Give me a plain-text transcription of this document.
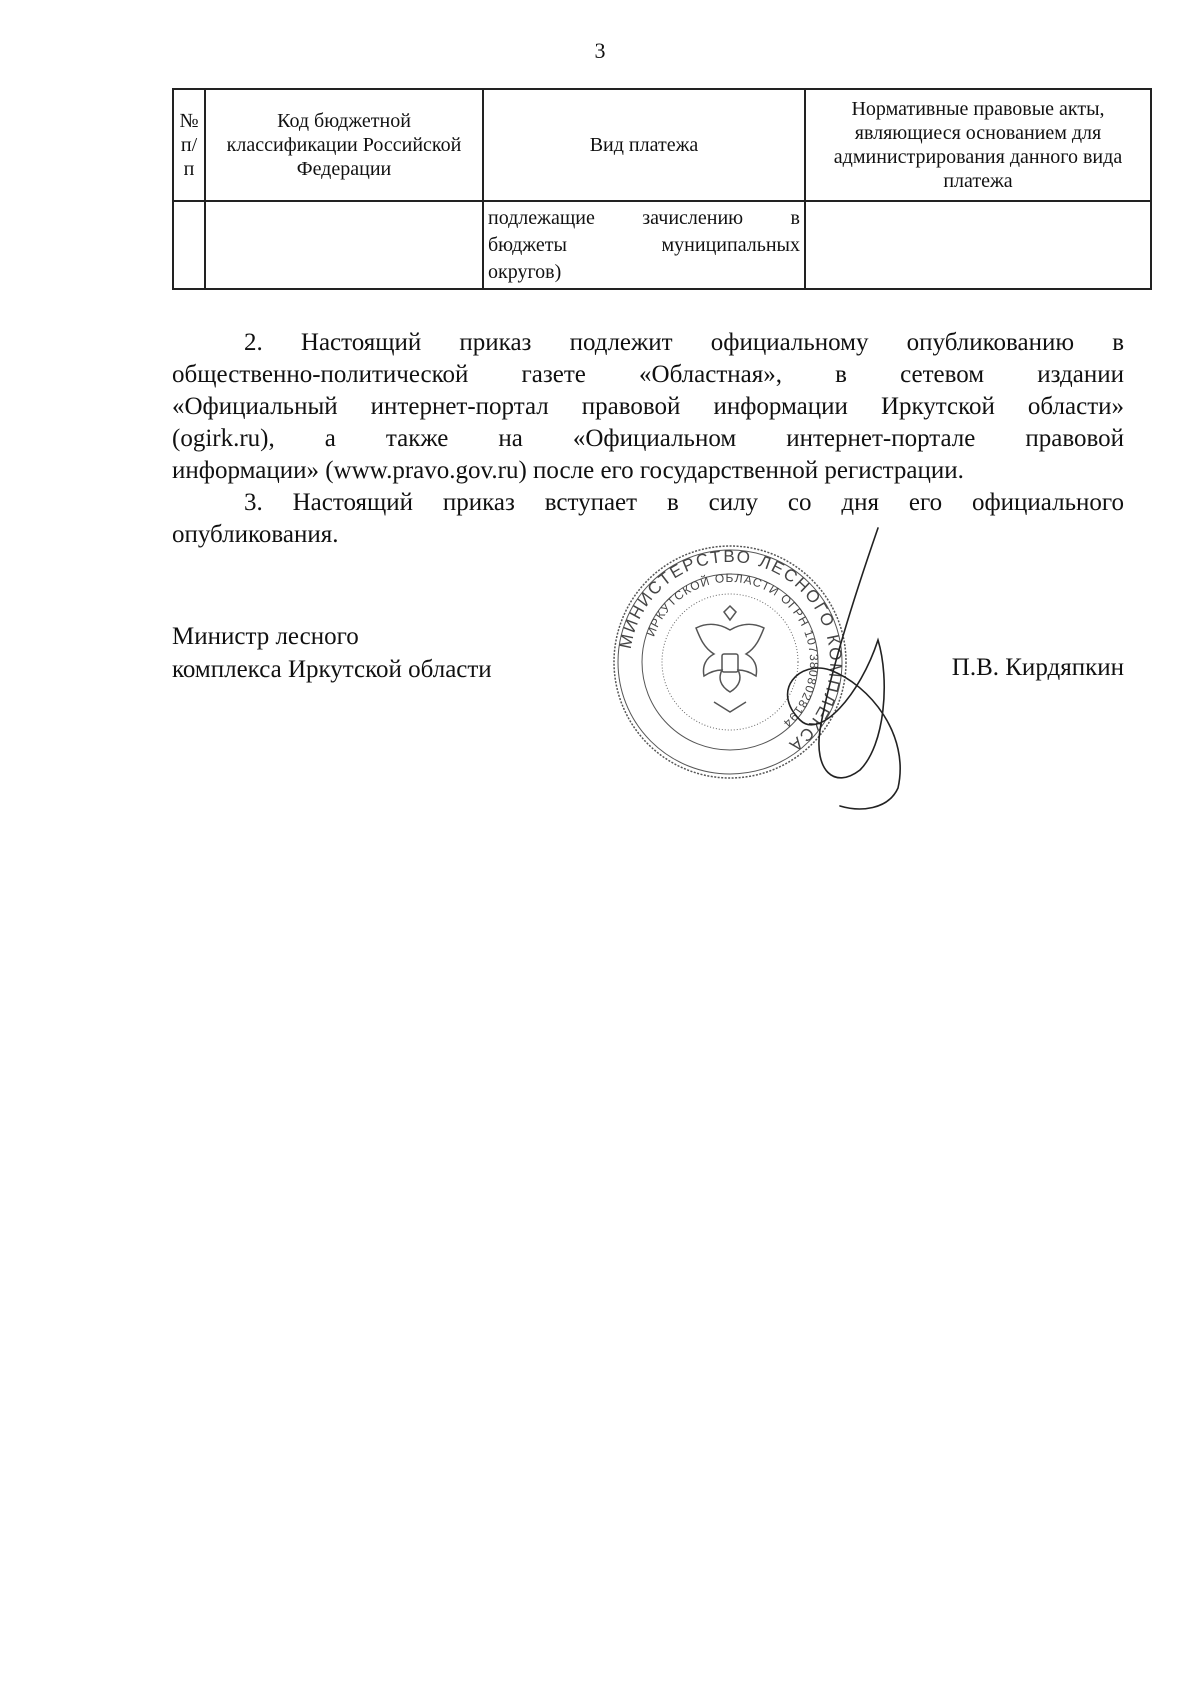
3
№ п/п	Код бюджетной классификации Российской Федерации	Вид платежа	Нормативные правовые акты, являющиеся основанием для администрирования данного вида платежа

		подлежащие зачислению в
бюджеты муниципальных
округов)	

2. Настоящий приказ подлежит официальному опубликованию в
общественно-политической газете «Областная», в сетевом издании
«Официальный интернет-портал правовой информации Иркутской области»
(ogirk.ru), а также на «Официальном интернет-портале правовой
информации» (www.pravo.gov.ru) после его государственной регистрации.
3. Настоящий приказ вступает в силу со дня его официального
опубликования.
Министр лесного
комплекса Иркутской области
МИНИСТЕРСТВО ЛЕСНОГО КОМПЛЕКСА
ИРКУТСКОЙ ОБЛАСТИ ОГРН 1073808028194
П.В. Кирдяпкин
